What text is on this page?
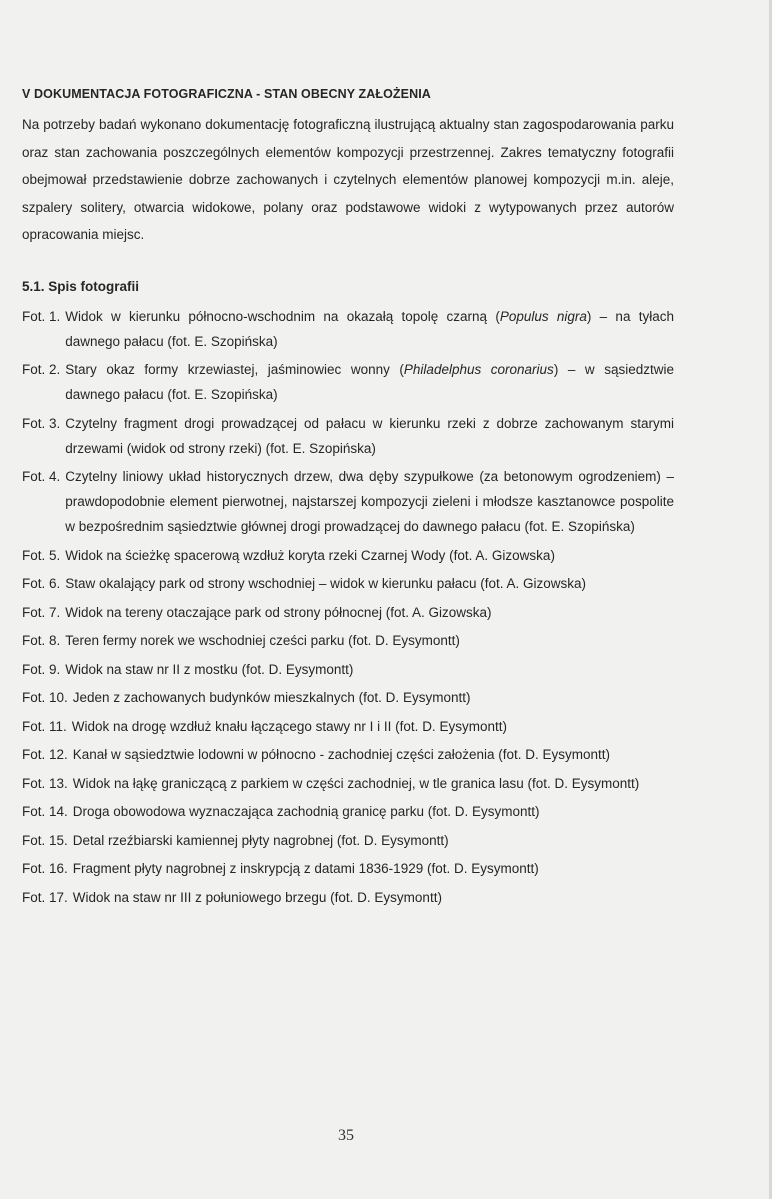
V DOKUMENTACJA FOTOGRAFICZNA - STAN OBECNY ZAŁOŻENIA

Na potrzeby badań wykonano dokumentację fotograficzną ilustrującą aktualny stan zagospodarowania parku oraz stan zachowania poszczególnych elementów kompozycji przestrzennej. Zakres tematyczny fotografii obejmował przedstawienie dobrze zachowanych i czytelnych elementów planowej kompozycji m.in. aleje, szpalery solitery, otwarcia widokowe, polany oraz podstawowe widoki z wytypowanych przez autorów opracowania miejsc.

5.1. Spis fotografii
Fot. 1. Widok w kierunku północno-wschodnim na okazałą topolę czarną (Populus nigra) – na tyłach dawnego pałacu (fot. E. Szopińska)
Fot. 2. Stary okaz formy krzewiastej, jaśminowiec wonny (Philadelphus coronarius) – w sąsiedztwie dawnego pałacu (fot. E. Szopińska)
Fot. 3. Czytelny fragment drogi prowadzącej od pałacu w kierunku rzeki z dobrze zachowanym starymi drzewami (widok od strony rzeki) (fot. E. Szopińska)
Fot. 4. Czytelny liniowy układ historycznych drzew, dwa dęby szypułkowe (za betonowym ogrodzeniem) – prawdopodobnie element pierwotnej, najstarszej kompozycji zieleni i młodsze kasztanowce pospolite w bezpośrednim sąsiedztwie głównej drogi prowadzącej do dawnego pałacu (fot. E. Szopińska)
Fot. 5. Widok na ścieżkę spacerową wzdłuż koryta rzeki Czarnej Wody (fot. A. Gizowska)
Fot. 6. Staw okalający park od strony wschodniej – widok w kierunku pałacu (fot. A. Gizowska)
Fot. 7. Widok na tereny otaczające park od strony północnej (fot. A. Gizowska)
Fot. 8. Teren fermy norek we wschodniej cześci parku (fot. D. Eysymontt)
Fot. 9. Widok na staw nr II z mostku (fot. D. Eysymontt)
Fot. 10. Jeden z zachowanych budynków mieszkalnych (fot. D. Eysymontt)
Fot. 11. Widok na drogę wzdłuż knału łączącego stawy nr I i II (fot. D. Eysymontt)
Fot. 12. Kanał w sąsiedztwie lodowni w północno - zachodniej części założenia (fot. D. Eysymontt)
Fot. 13. Widok na łąkę graniczącą z parkiem w części zachodniej, w tle granica lasu (fot. D. Eysymontt)
Fot. 14. Droga obowodowa wyznaczająca zachodnią granicę parku (fot. D. Eysymontt)
Fot. 15. Detal rzeźbiarski kamiennej płyty nagrobnej (fot. D. Eysymontt)
Fot. 16. Fragment płyty nagrobnej z inskrypcją z datami 1836-1929 (fot. D. Eysymontt)
Fot. 17. Widok na staw nr III z połuniowego brzegu (fot. D. Eysymontt)
35
